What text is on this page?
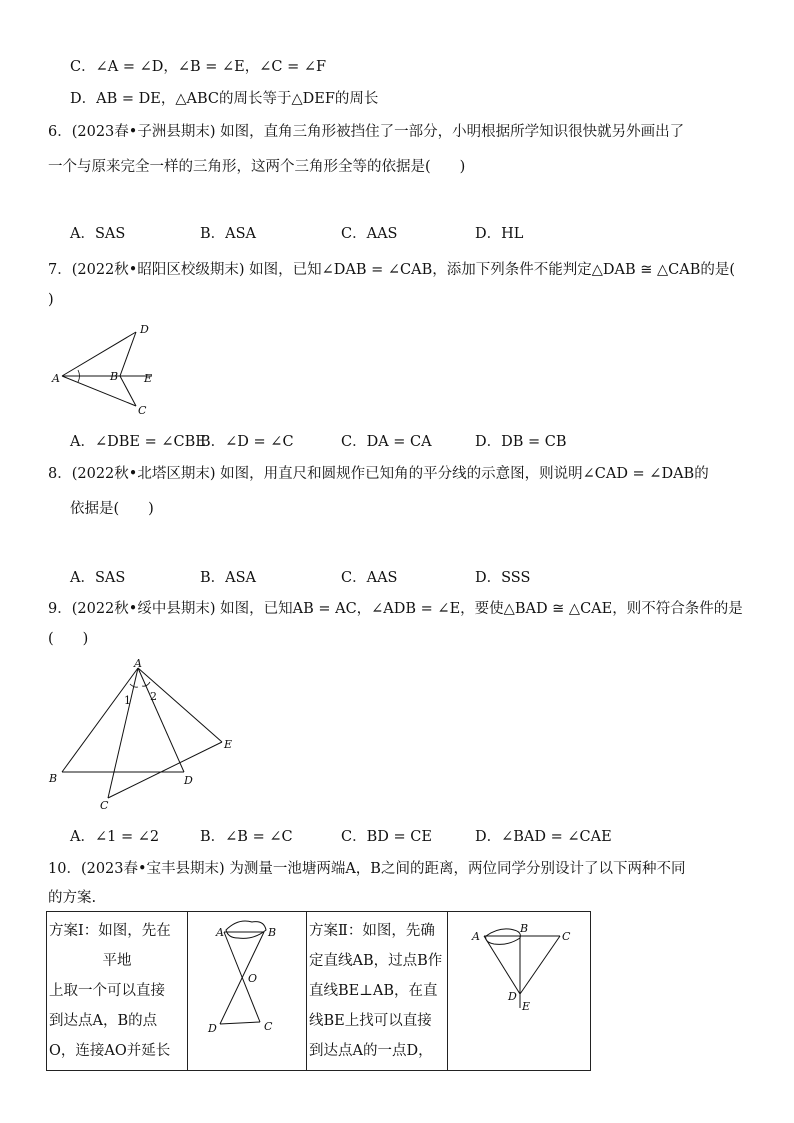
C．∠A = ∠D，∠B = ∠E，∠C = ∠F
D．AB = DE，△ABC的周长等于△DEF的周长
6．(2023春•子洲县期末) 如图，直角三角形被挡住了一部分，小明根据所学知识很快就另外画出了
一个与原来完全一样的三角形，这两个三角形全等的依据是(　　)
A．SAS	B．ASA	C．AAS	D．HL
7．(2022秋•昭阳区校级期末) 如图，已知∠DAB = ∠CAB，添加下列条件不能判定△DAB ≅ △CAB的是(
)
A	B
C
D
E
A．∠DBE = ∠CBE
B．∠D = ∠C	C．DA = CA	D．DB = CB
8．(2022秋•北塔区期末) 如图，用直尺和圆规作已知角的平分线的示意图，则说明∠CAD = ∠DAB的
依据是(　　)
A．SAS	B．ASA	C．AAS	D．SSS
9．(2022秋•绥中县期末) 如图，已知AB = AC，∠ADB = ∠E，要使△BAD ≅ △CAE，则不符合条件的是
(　　)
A
B
C
D
E
1 2
A．∠1 = ∠2	B．∠B = ∠C	C．BD = CE	D．∠BAD = ∠CAE
10．(2023春•宝丰县期末) 为测量一池塘两端A，B之间的距离，两位同学分别设计了以下两种不同
的方案.
方案Ⅰ：如图，先在
平地
上取一个可以直接
到达点A，B的点
O，连接AO并延长

A	B
O
D	C

方案Ⅱ：如图，先确
定直线AB，过点B作
直线BE⊥AB，在直
线BE上找可以直接
到达点A的一点D，

A
B
C
D
E
